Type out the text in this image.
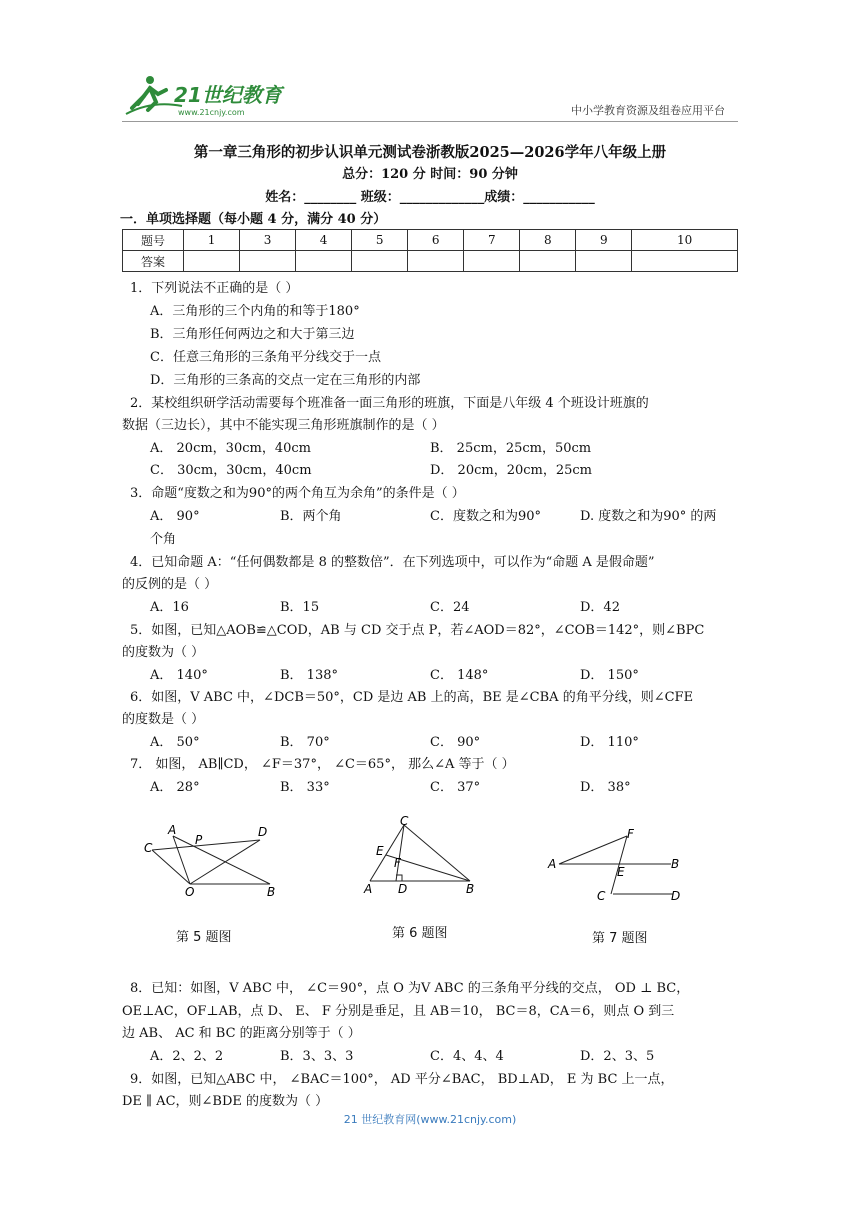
21世纪教育
www.21cnjy.com	中小学教育资源及组卷应用平台
第一章三角形的初步认识单元测试卷浙教版2025—2026学年八年级上册
总分：120 分 时间：90 分钟
姓名：________ 班级：_____________成绩：___________
一．单项选择题（每小题 4 分，满分 40 分）
题号	1	3	4	5	6	7	8	9	10
答案									
1．下列说法不正确的是（ ）
A．三角形的三个内角的和等于180°
B．三角形任何两边之和大于第三边
C．任意三角形的三条角平分线交于一点
D．三角形的三条高的交点一定在三角形的内部
2．某校组织研学活动需要每个班准备一面三角形的班旗，下面是八年级 4 个班设计班旗的
数据（三边长），其中不能实现三角形班旗制作的是（ ）
A． 20cm，30cm，40cm	B． 25cm，25cm，50cm
C． 30cm，30cm，40cm	D． 20cm，20cm，25cm
3．命题“度数之和为90°的两个角互为余角”的条件是（ ）
A． 90°	B．两个角	C．度数之和为90°	D. 度数之和为90° 的两
个角
4．已知命题 A：“任何偶数都是 8 的整数倍”．在下列选项中，可以作为“命题 A 是假命题”
的反例的是（ ）
A．16	B．15	C．24	D．42
5．如图，已知△AOB≌△COD，AB 与 CD 交于点 P，若∠AOD＝82°，∠COB＝142°，则∠BPC
的度数为（ ）
A． 140°	B． 138°	C． 148°	D． 150°
6．如图，V ABC 中，∠DCB＝50°，CD 是边 AB 上的高，BE 是∠CBA 的角平分线，则∠CFE
的度数是（ ）
A． 50°	B． 70°	C． 90°	D． 110°
7． 如图， AB∥CD， ∠F＝37°， ∠C＝65°， 那么∠A 等于（ ）
A． 28°	B． 33°	C． 37°	D． 38°
A
P
D
C
O	B
第 5 题图
C
E
F
A D	B
第 6 题图
F
A	B
E
C	D
第 7 题图
8．已知：如图，V ABC 中， ∠C＝90°，点 O 为V ABC 的三条角平分线的交点， OD ⊥ BC，
OE⊥AC，OF⊥AB，点 D、 E、 F 分别是垂足，且 AB＝10， BC＝8，CA＝6，则点 O 到三
边 AB、 AC 和 BC 的距离分别等于（ ）
A．2、2、2	B．3、3、3	C．4、4、4	D．2、3、5
9．如图，已知△ABC 中， ∠BAC＝100°， AD 平分∠BAC， BD⊥AD， E 为 BC 上一点，
DE ∥ AC，则∠BDE 的度数为（ ）
21 世纪教育网(www.21cnjy.com)
